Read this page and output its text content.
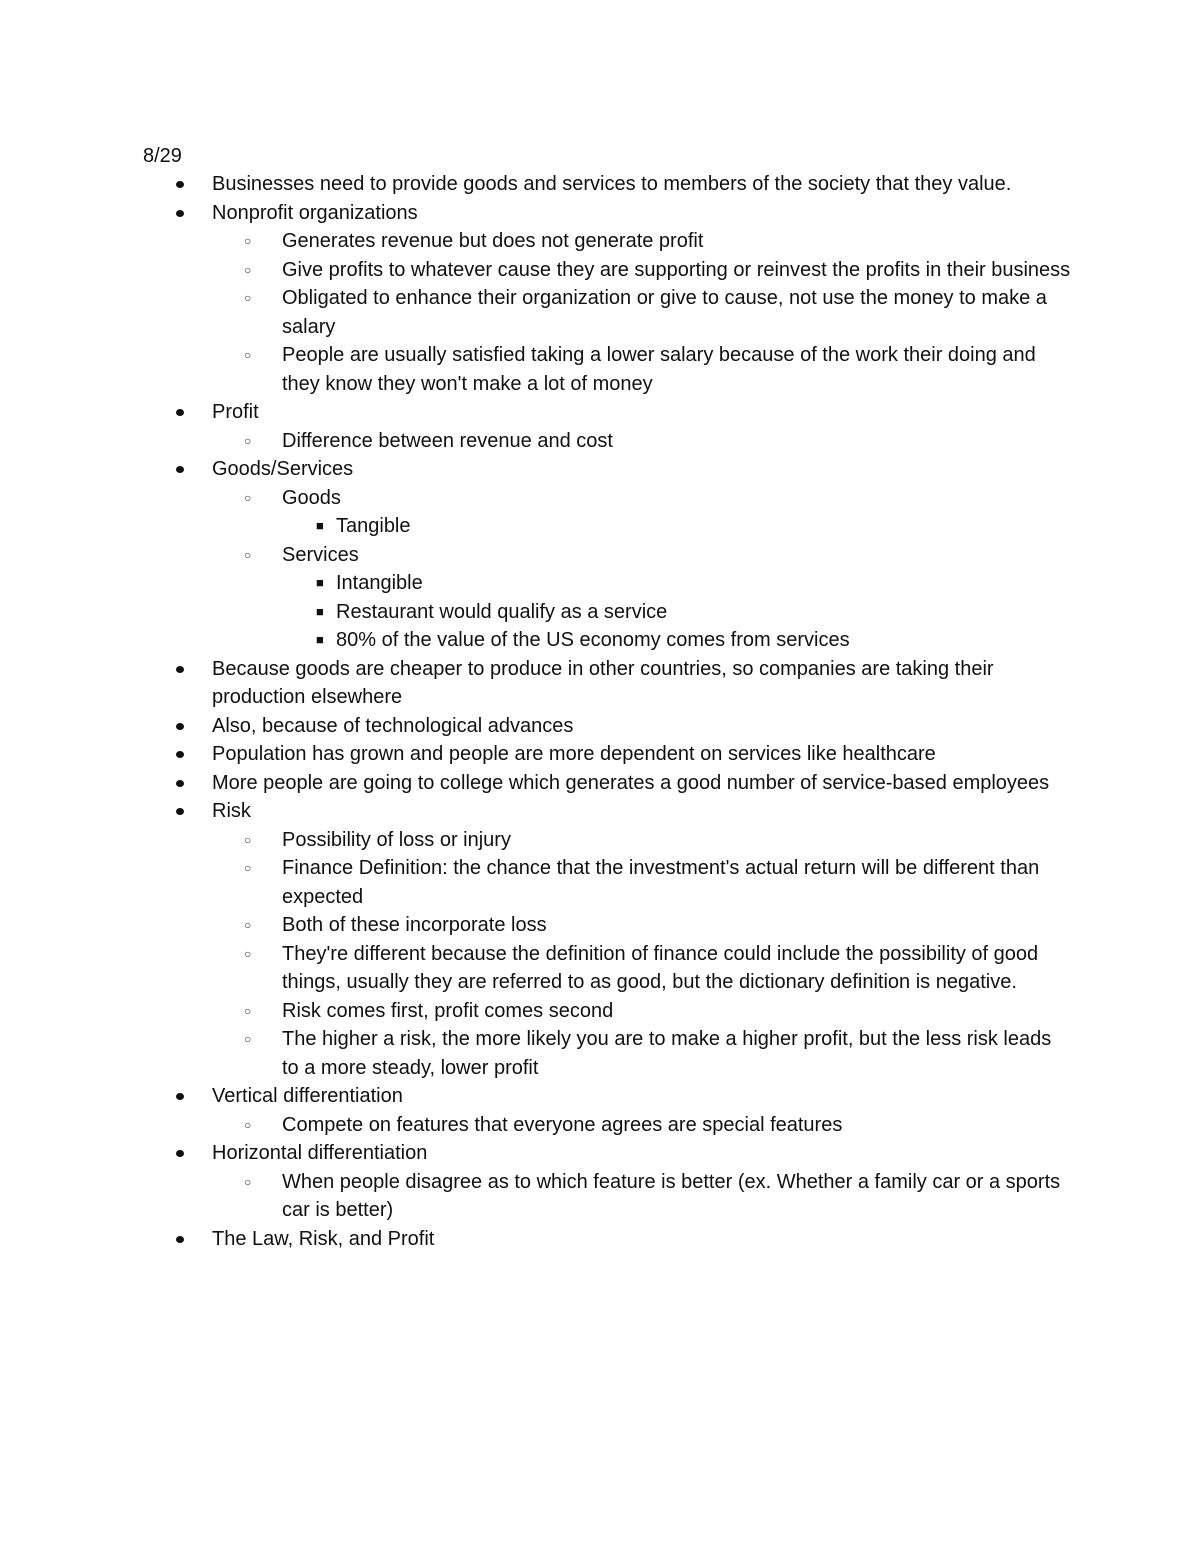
8/29
Businesses need to provide goods and services to members of the society that they value.
Nonprofit organizations
○ Generates revenue but does not generate profit
○ Give profits to whatever cause they are supporting or reinvest the profits in their business
○ Obligated to enhance their organization or give to cause, not use the money to make a salary
○ People are usually satisfied taking a lower salary because of the work their doing and they know they won't make a lot of money
Profit
○ Difference between revenue and cost
Goods/Services
○ Goods
■ Tangible
○ Services
■ Intangible
■ Restaurant would qualify as a service
■ 80% of the value of the US economy comes from services
Because goods are cheaper to produce in other countries, so companies are taking their production elsewhere
Also, because of technological advances
Population has grown and people are more dependent on services like healthcare
More people are going to college which generates a good number of service-based employees
Risk
○ Possibility of loss or injury
○ Finance Definition: the chance that the investment's actual return will be different than expected
○ Both of these incorporate loss
○ They're different because the definition of finance could include the possibility of good things, usually they are referred to as good, but the dictionary definition is negative.
○ Risk comes first, profit comes second
○ The higher a risk, the more likely you are to make a higher profit, but the less risk leads to a more steady, lower profit
Vertical differentiation
○ Compete on features that everyone agrees are special features
Horizontal differentiation
○ When people disagree as to which feature is better (ex. Whether a family car or a sports car is better)
The Law, Risk, and Profit
